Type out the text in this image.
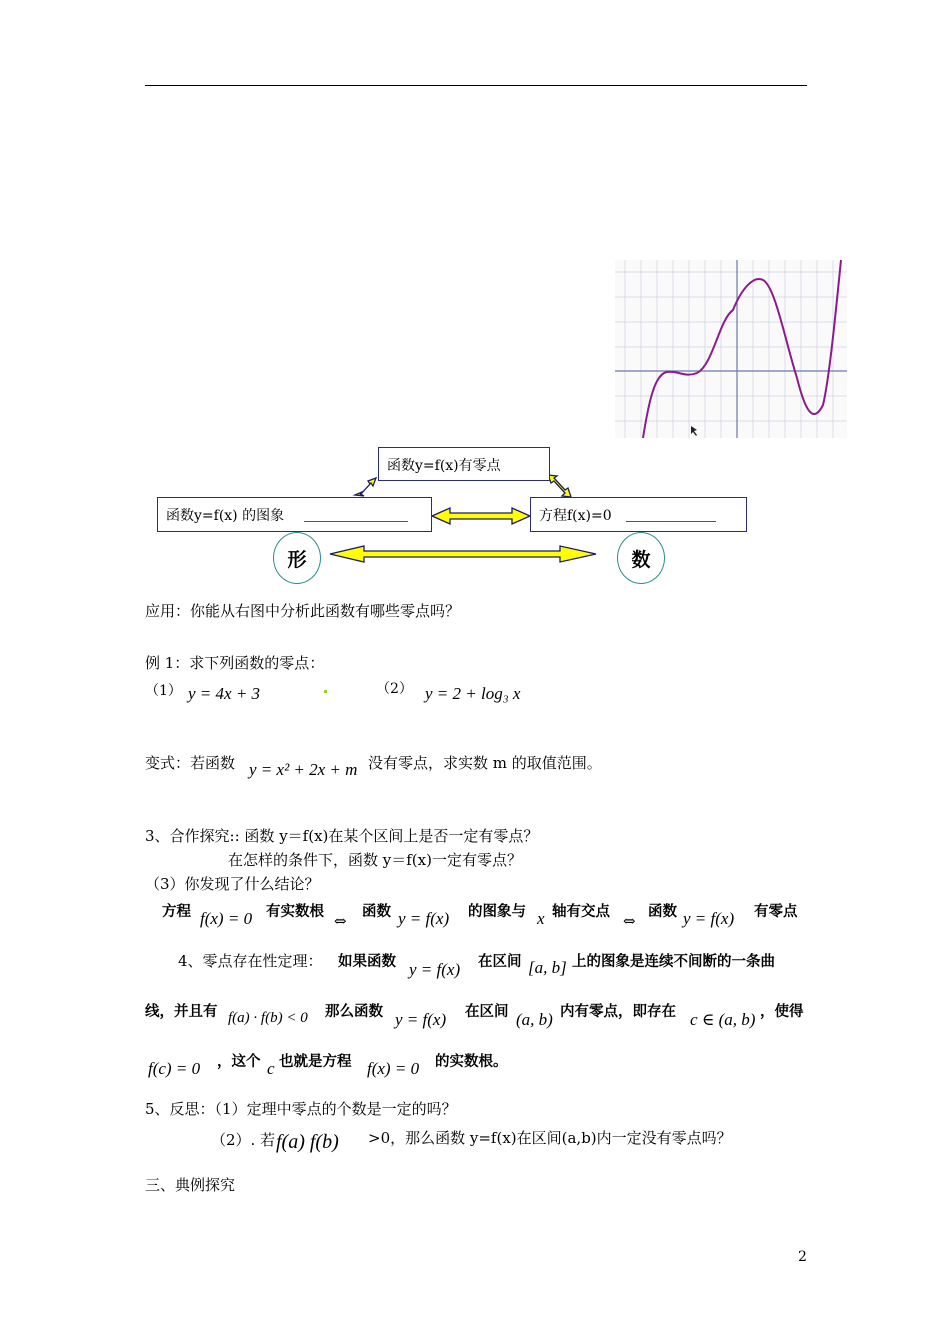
函数y=f(x)有零点
函数y=f(x) 的图象	方程f(x)=0
形	数
应用：你能从右图中分析此函数有哪些零点吗？
例 1：求下列函数的零点：
（1） y = 4x + 3	（2） y = 2 + log₃ x
变式：若函数 y = x² + 2x + m 没有零点，求实数 m 的取值范围。
3、合作探究:: 函数 y＝f(x)在某个区间上是否一定有零点？
在怎样的条件下，函数 y＝f(x)一定有零点？
（3）你发现了什么结论？
方程 f(x) = 0 有实数根 ⇔ 函数 y = f(x) 的图象与 x 轴有交点 ⇔ 函数 y = f(x) 有零点
4、零点存在性定理： 如果函数 y = f(x) 在区间 [a, b] 上的图象是连续不间断的一条曲
线，并且有 f(a) · f(b) < 0 那么函数 y = f(x) 在区间 (a, b) 内有零点，即存在 c ∈ (a, b) ，使得
f(c) = 0 ，这个 c 也就是方程 f(x) = 0 的实数根。
5、反思：（1）定理中零点的个数是一定的吗？
（2）. 若 f(a) f(b) >0，那么函数 y=f(x)在区间(a,b)内一定没有零点吗？
三、典例探究
2
